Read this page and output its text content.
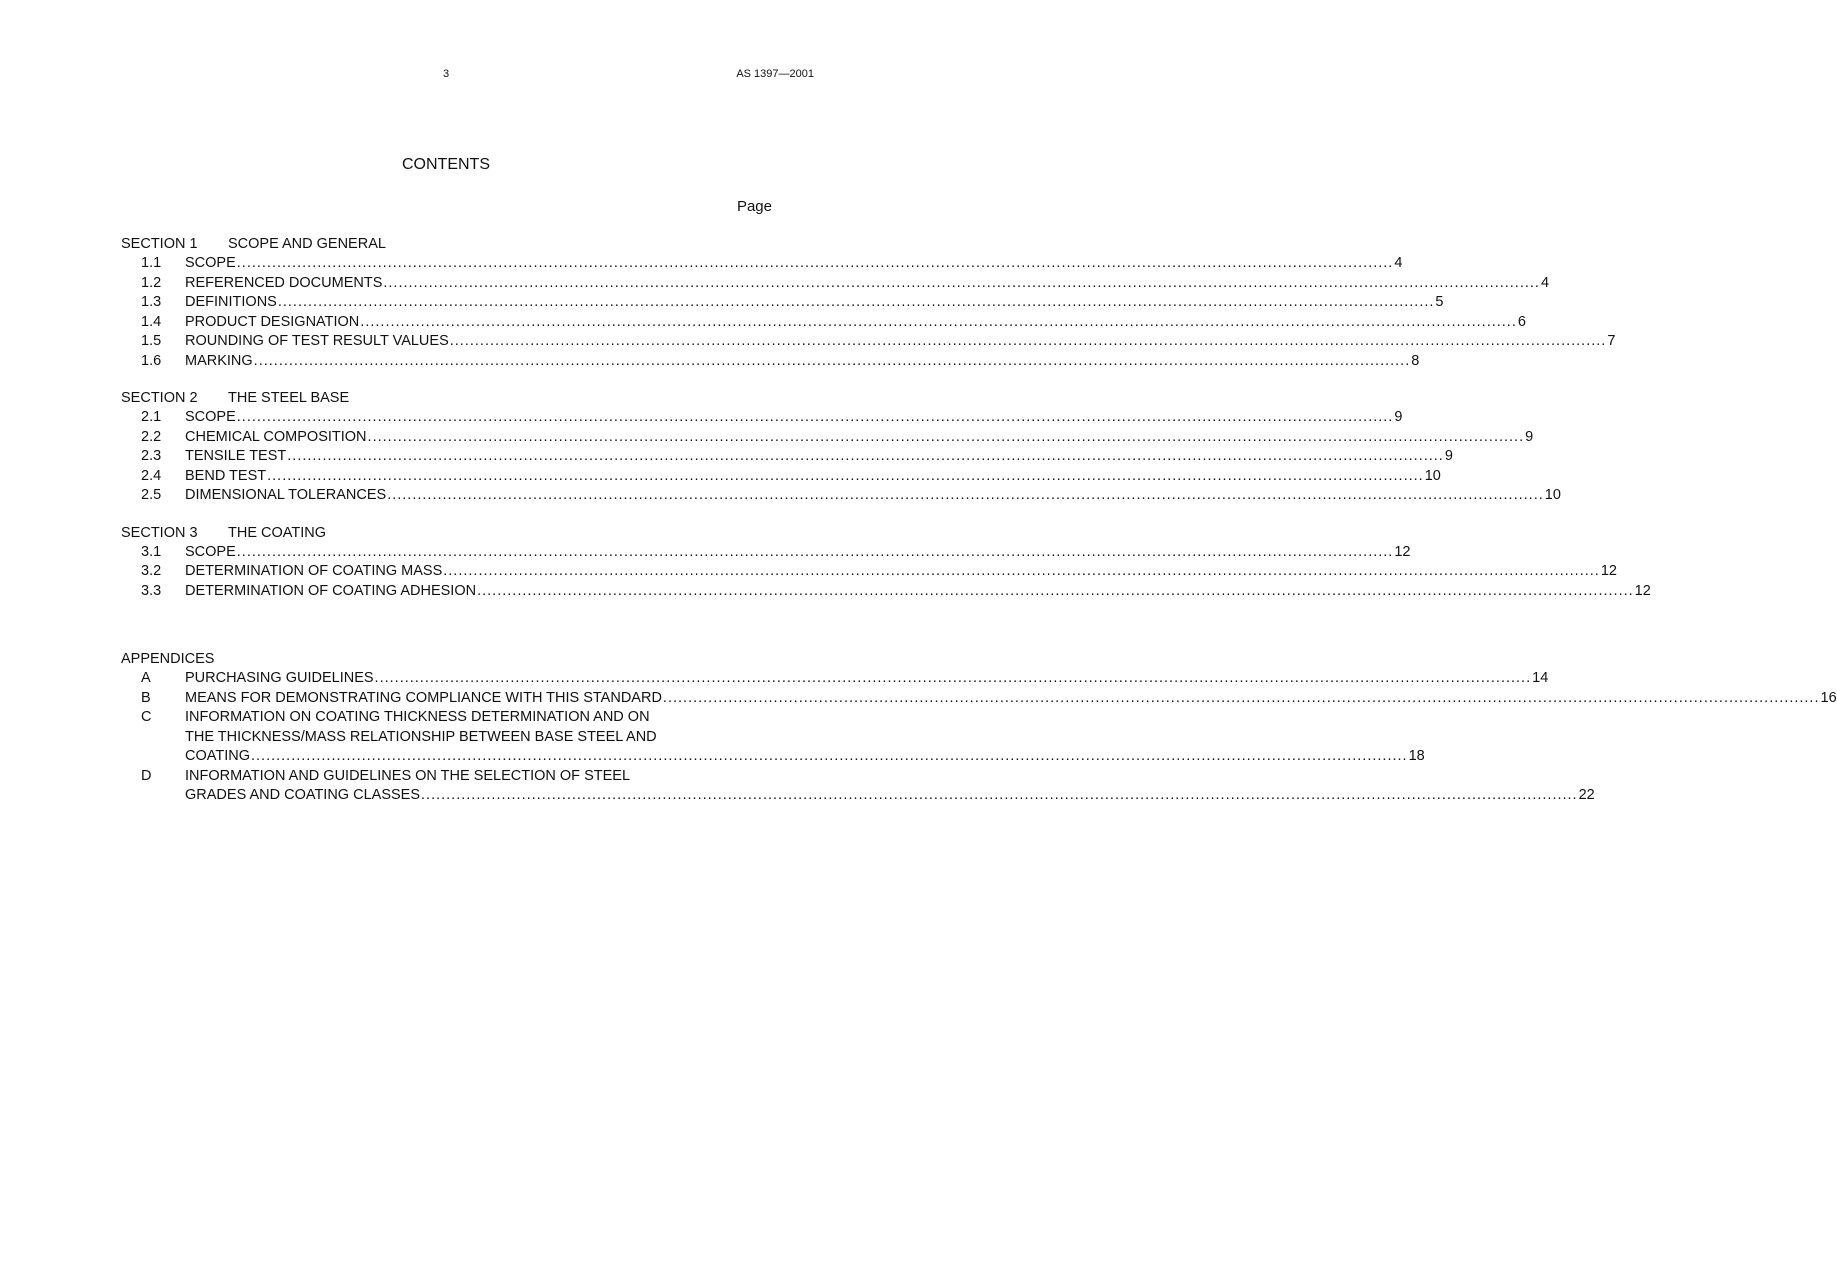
3	AS 1397—2001
CONTENTS
Page
SECTION 1 SCOPE AND GENERAL
1.1	SCOPE .....	4
1.2	REFERENCED DOCUMENTS .....	4
1.3	DEFINITIONS .....	5
1.4	PRODUCT DESIGNATION .....	6
1.5	ROUNDING OF TEST RESULT VALUES .....	7
1.6	MARKING .....	8
SECTION 2 THE STEEL BASE
2.1	SCOPE .....	9
2.2	CHEMICAL COMPOSITION .....	9
2.3	TENSILE TEST .....	9
2.4	BEND TEST .....	10
2.5	DIMENSIONAL TOLERANCES .....	10
SECTION 3 THE COATING
3.1	SCOPE .....	12
3.2	DETERMINATION OF COATING MASS .....	12
3.3	DETERMINATION OF COATING ADHESION .....	12
APPENDICES
A	PURCHASING GUIDELINES .....	14
B	MEANS FOR DEMONSTRATING COMPLIANCE WITH THIS STANDARD .....	16
C	INFORMATION ON COATING THICKNESS DETERMINATION AND ON
THE THICKNESS/MASS RELATIONSHIP BETWEEN BASE STEEL AND
COATING .....	18
D	INFORMATION AND GUIDELINES ON THE SELECTION OF STEEL
GRADES AND COATING CLASSES .....	22
